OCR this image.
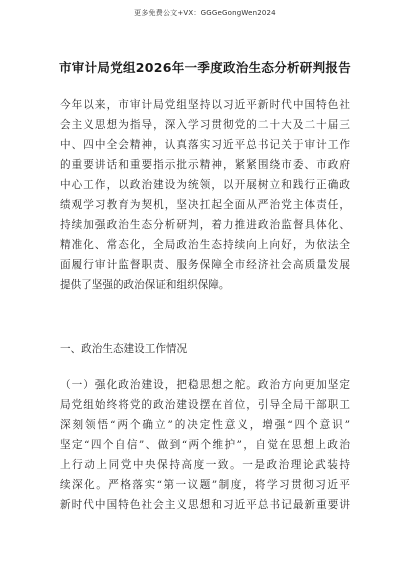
更多免费公文+VX：GGGeGongWen2024
市审计局党组2026年一季度政治生态分析研判报告
今年以来，市审计局党组坚持以习近平新时代中国特色社
会主义思想为指导，深入学习贯彻党的二十大及二十届三
中、四中全会精神，认真落实习近平总书记关于审计工作
的重要讲话和重要指示批示精神，紧紧围绕市委、市政府
中心工作，以政治建设为统领，以开展树立和践行正确政
绩观学习教育为契机，坚决扛起全面从严治党主体责任，
持续加强政治生态分析研判，着力推进政治监督具体化、
精准化、常态化，全局政治生态持续向上向好，为依法全
面履行审计监督职责、服务保障全市经济社会高质量发展
提供了坚强的政治保证和组织保障。
一、政治生态建设工作情况
（一）强化政治建设，把稳思想之舵。政治方向更加坚定
局党组始终将党的政治建设摆在首位，引导全局干部职工
深刻领悟“两个确立”的决定性意义，增强“四个意识”
坚定“四个自信”、做到“两个维护”，自觉在思想上政治
上行动上同党中央保持高度一致。一是政治理论武装持
续深化。严格落实“第一议题”制度，将学习贯彻习近平
新时代中国特色社会主义思想和习近平总书记最新重要讲
